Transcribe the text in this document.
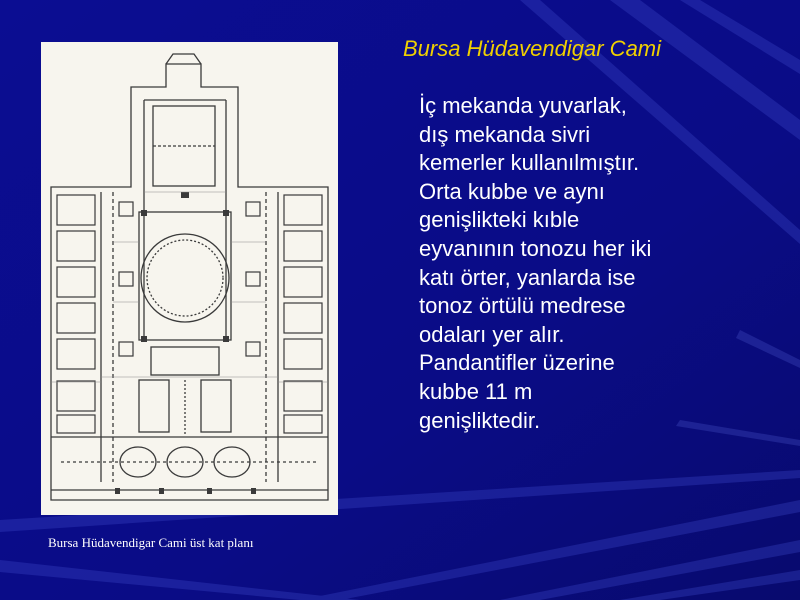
Bursa Hüdavendigar Cami üst kat planı
Bursa Hüdavendigar Cami
İç mekanda yuvarlak,
dış mekanda sivri
kemerler kullanılmıştır.
Orta kubbe ve aynı
genişlikteki kıble
eyvanının tonozu her iki
katı örter, yanlarda ise
tonoz örtülü medrese
odaları yer alır.
Pandantifler üzerine
kubbe 11 m
genişliktedir.
